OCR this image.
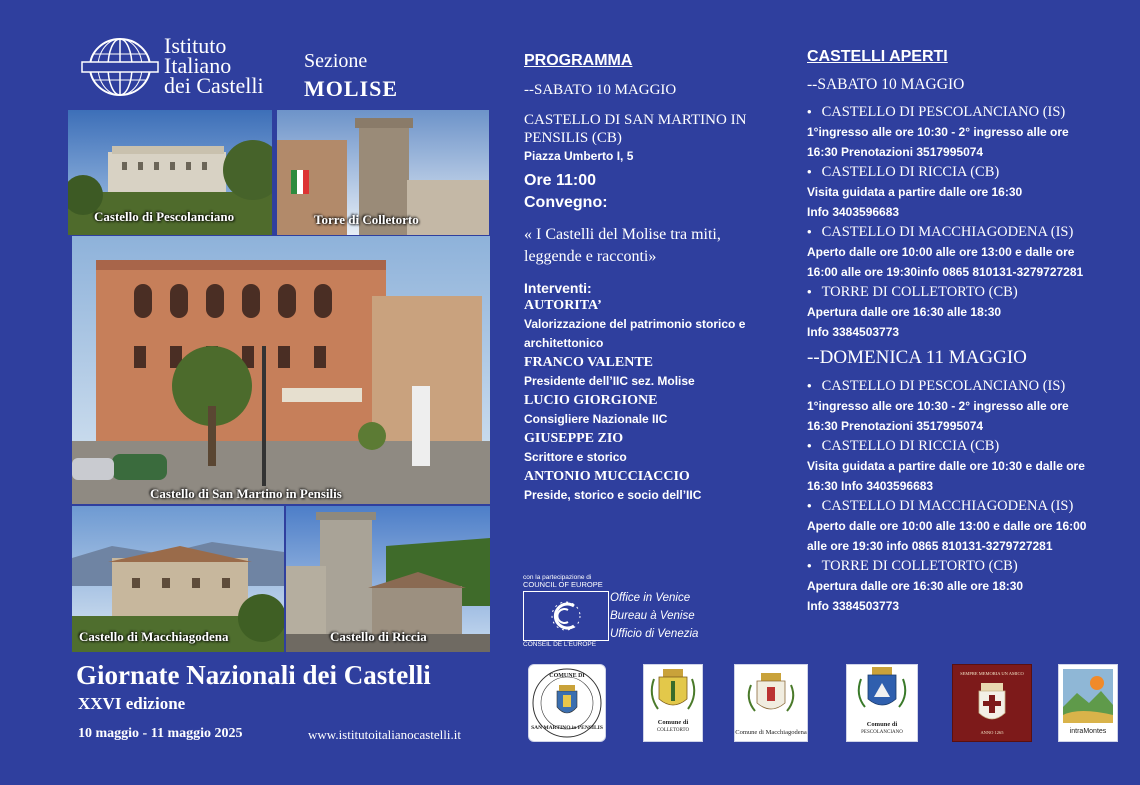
Istituto
Italiano
dei Castelli
Sezione
MOLISE
Castello di Pescolanciano	Torre di Colletorto
Castello di San Martino in Pensilis
Castello di Macchiagodena	Castello di Riccia
Giornate Nazionali dei Castelli
XXVI edizione
10 maggio - 11 maggio 2025	www.istitutoitalianocastelli.it
PROGRAMMA
--SABATO 10 MAGGIO
CASTELLO DI SAN MARTINO IN
PENSILIS (CB)
Piazza Umberto I, 5
Ore 11:00
Convegno:
« I Castelli del Molise tra miti,
leggende e racconti»
Interventi:
AUTORITA’
Valorizzazione del patrimonio storico e
architettonico
FRANCO VALENTE
Presidente dell’IIC sez. Molise
LUCIO GIORGIONE
Consigliere Nazionale IIC
GIUSEPPE ZIO
Scrittore e storico
ANTONIO MUCCIACCIO
Preside, storico e socio dell’IIC
con la partecipazione di
COUNCIL OF EUROPE
CONSEIL DE L’EUROPE
Office in Venice
Bureau à Venise
Ufficio di Venezia
CASTELLI APERTI
--SABATO 10 MAGGIO
• CASTELLO DI PESCOLANCIANO (IS)
1°ingresso alle ore 10:30 - 2° ingresso alle ore
16:30 Prenotazioni 3517995074
• CASTELLO DI RICCIA (CB)
Visita guidata a partire dalle ore 16:30
Info 3403596683
• CASTELLO DI MACCHIAGODENA (IS)
Aperto dalle ore 10:00 alle ore 13:00 e dalle ore
16:00 alle ore 19:30info 0865 810131-3279727281
• TORRE DI COLLETORTO (CB)
Apertura dalle ore 16:30 alle 18:30
Info 3384503773
--DOMENICA 11 MAGGIO
• CASTELLO DI PESCOLANCIANO (IS)
1°ingresso alle ore 10:30 - 2° ingresso alle ore
16:30 Prenotazioni 3517995074
• CASTELLO DI RICCIA (CB)
Visita guidata a partire dalle ore 10:30 e dalle ore
16:30 Info 3403596683
• CASTELLO DI MACCHIAGODENA (IS)
Aperto dalle ore 10:00 alle 13:00 e dalle ore 16:00
alle ore 19:30 info 0865 810131-3279727281
• TORRE DI COLLETORTO (CB)
Apertura dalle ore 16:30 alle ore 18:30
Info 3384503773
COMUNE DI
SAN MARTINO in PENSILIS
Comune di
COLLETORTO	Comune di Macchiagodena
Comune di
PESCOLANCIANO
SEMPRE MEMORIA UN AMICO
ANNO 1265	intraMontes
